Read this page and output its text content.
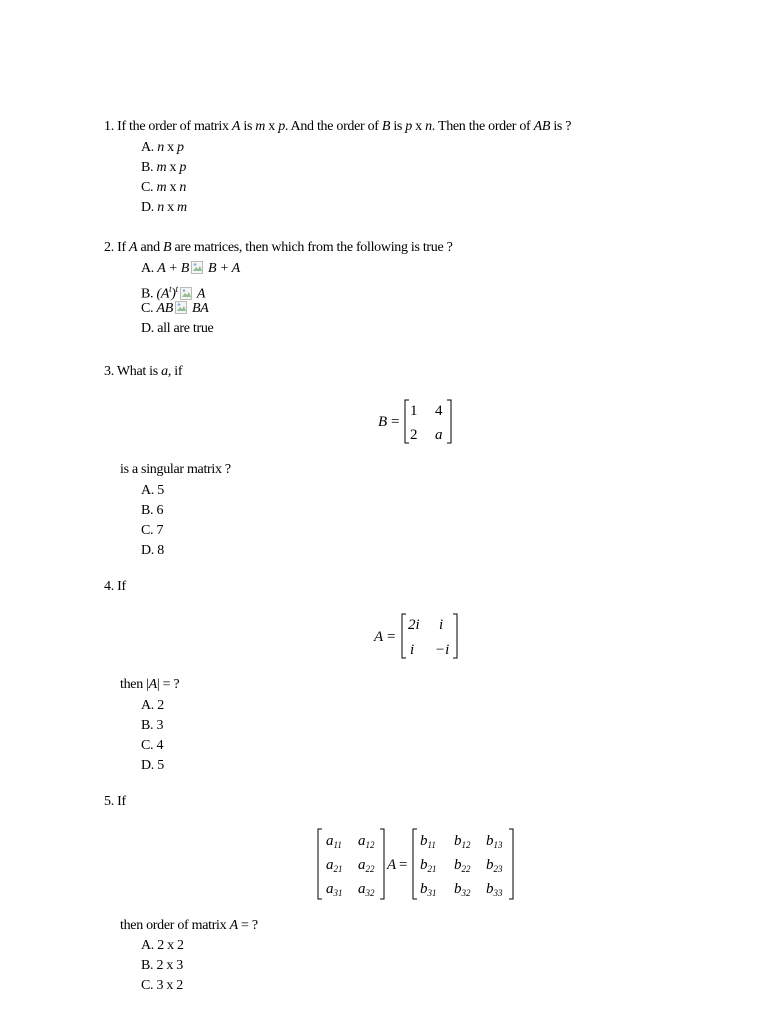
1. If the order of matrix A is m x p. And the order of B is p x n. Then the order of AB is ?

A. n x p
B. m x p
C. m x n
D. n x m

2. If A and B are matrices, then which from the following is true ?

A. A + B B + A
B. $(A^t)^t$ A
C. AB BA
D. all are true

3. What is a, if

B =
1 4
2 a
is a singular matrix ?
A. 5
B. 6
C. 7
D. 8

4. If

A =
2i i
i −i
then |A| = ?
A. 2
B. 3
C. 4
D. 5

5. If

$a_{11}$ $a_{12}$
$a_{21}$ $a_{22}$
$a_{31}$ $a_{32}$
A =
$b_{11}$ $b_{12}$ $b_{13}$
$b_{21}$ $b_{22}$ $b_{23}$
$b_{31}$ $b_{32}$ $b_{33}$
then order of matrix A = ?
A. 2 x 2
B. 2 x 3
C. 3 x 2
